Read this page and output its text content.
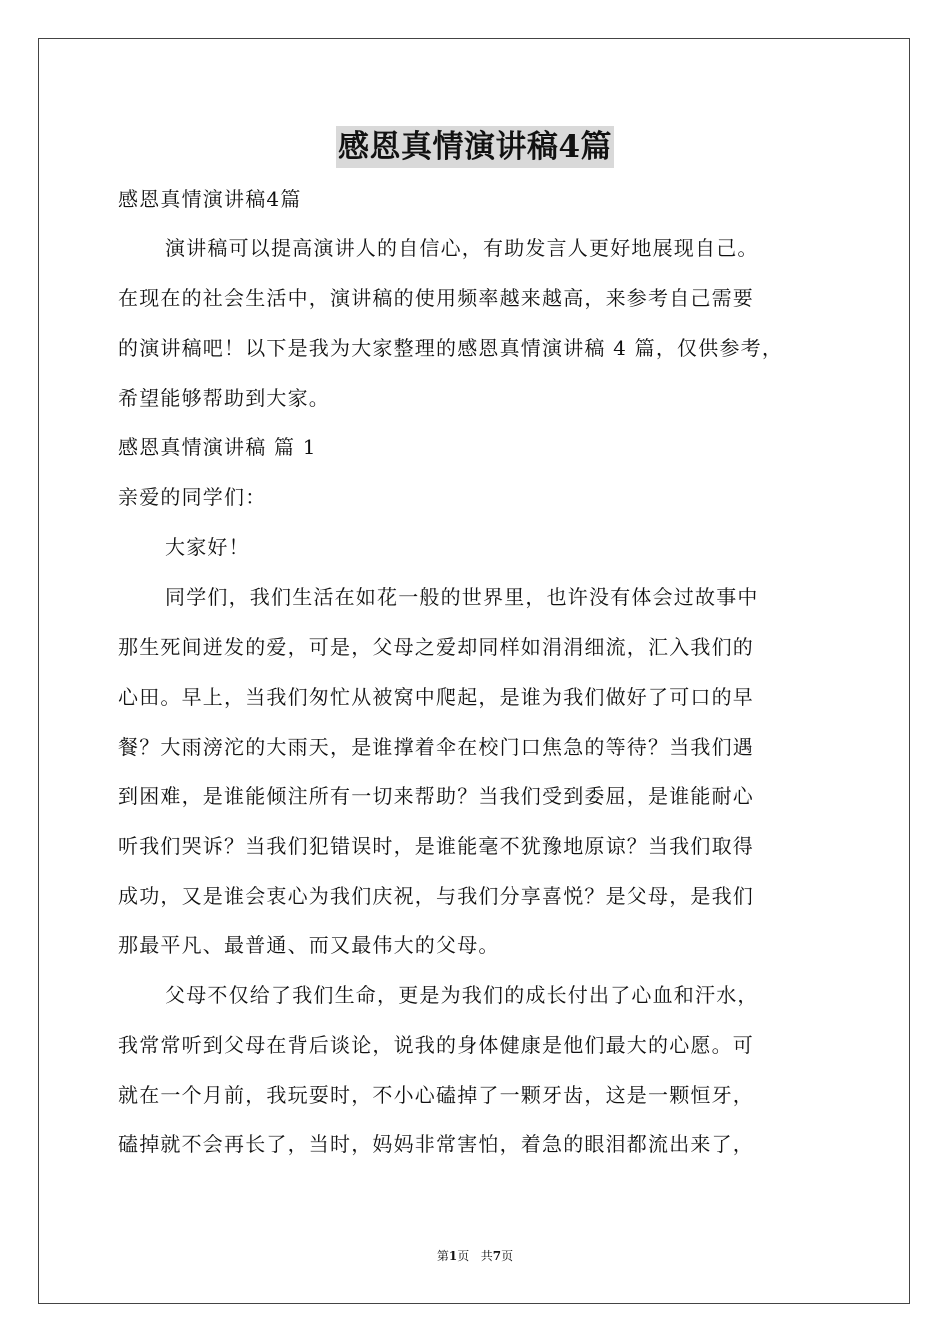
感恩真情演讲稿4篇
感恩真情演讲稿4篇
演讲稿可以提高演讲人的自信心，有助发言人更好地展现自己。
在现在的社会生活中，演讲稿的使用频率越来越高，来参考自己需要
的演讲稿吧！以下是我为大家整理的感恩真情演讲稿 4 篇，仅供参考，
希望能够帮助到大家。
感恩真情演讲稿 篇 1
亲爱的同学们：
大家好！
同学们，我们生活在如花一般的世界里，也许没有体会过故事中
那生死间迸发的爱，可是，父母之爱却同样如涓涓细流，汇入我们的
心田。早上，当我们匆忙从被窝中爬起，是谁为我们做好了可口的早
餐？大雨滂沱的大雨天，是谁撑着伞在校门口焦急的等待？当我们遇
到困难，是谁能倾注所有一切来帮助？当我们受到委屈，是谁能耐心
听我们哭诉？当我们犯错误时，是谁能毫不犹豫地原谅？当我们取得
成功，又是谁会衷心为我们庆祝，与我们分享喜悦？是父母，是我们
那最平凡、最普通、而又最伟大的父母。
父母不仅给了我们生命，更是为我们的成长付出了心血和汗水，
我常常听到父母在背后谈论，说我的身体健康是他们最大的心愿。可
就在一个月前，我玩耍时，不小心磕掉了一颗牙齿，这是一颗恒牙，
磕掉就不会再长了，当时，妈妈非常害怕，着急的眼泪都流出来了，
第1页 共7页
